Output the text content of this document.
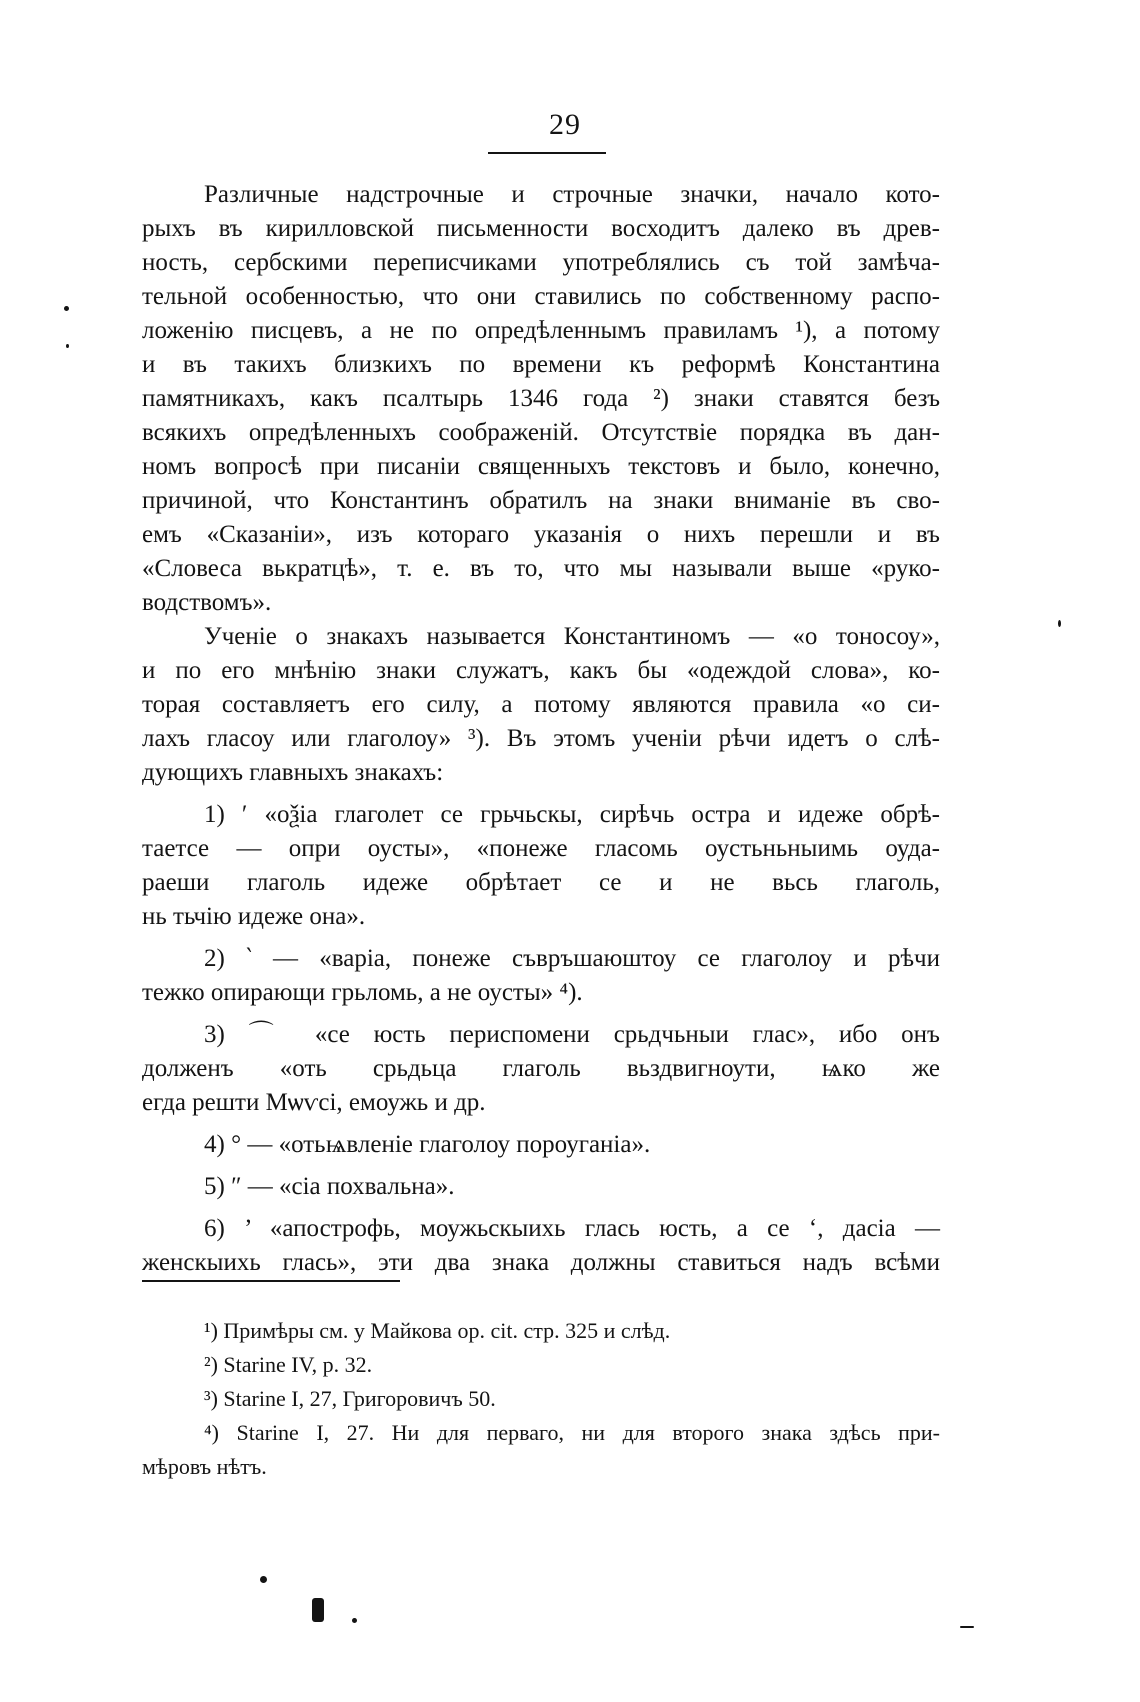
29
Различные надстрочные и строчные значки, начало кото-
рыхъ въ кирилловской письменности восходитъ далеко въ древ-
ность, сербскими переписчиками употреблялись съ той замѣча-
тельной особенностью, что они ставились по собственному распо-
ложенію писцевъ, а не по опредѣленнымъ правиламъ ¹), а потому
и въ такихъ близкихъ по времени къ реформѣ Константина
памятникахъ, какъ псалтырь 1346 года ²) знаки ставятся безъ
всякихъ опредѣленныхъ соображеній. Отсутствіе порядка въ дан-
номъ вопросѣ при писаніи священныхъ текстовъ и было, конечно,
причиной, что Константинъ обратилъ на знаки вниманіе въ сво-
емъ «Сказаніи», изъ котораго указанія о нихъ перешли и въ
«Словеса вькратцѣ», т. е. въ то, что мы называли выше «руко-
водствомъ».
Ученіе о знакахъ называется Константиномъ — «о тоносоу»,
и по его мнѣнію знаки служатъ, какъ бы «одеждой слова», ко-
торая составляетъ его силу, а потому являются правила «о си-
лахъ гласоу или глаголоу» ³). Въ этомъ ученіи рѣчи идетъ о слѣ-
дующихъ главныхъ знакахъ:
1) ′ «оѯіа глаголет се грьчьскы, сирѣчь остра и идеже обрѣ-
таетсе — опри оусты», «понеже гласомь оустьньныимь оуда-
раеши глаголь идеже обрѣтает се и не вьсь глаголь,
нь тьчію идеже она».
2) ‵ — «варіа, понеже съвръшаюштоу се глаголоу и рѣчи
тежко опирающи грьломь, а не оусты» ⁴).
3) ⌒ «се юсть периспомени срьдчьныи глас», ибо онъ
долженъ «оть срьдьца глаголь вьздвигноути, ѩко же
егда решти Мѡѵсі, емоужь и др.
4) ° — «отьѩвленіе глаголоу пороуганіа».
5) ″ — «сіа похвальна».
6) ’ «апострофь, моужьскыихь глась юсть, а се ‘, дасіа —
женскыихь глась», эти два знака должны ставиться надъ всѣми
¹) Примѣры см. у Майкова op. cit. стр. 325 и слѣд.
²) Starine IV, p. 32.
³) Starine I, 27, Григоровичъ 50.
⁴) Starine I, 27. Ни для перваго, ни для второго знака здѣсь при-
мѣровъ нѣтъ.
